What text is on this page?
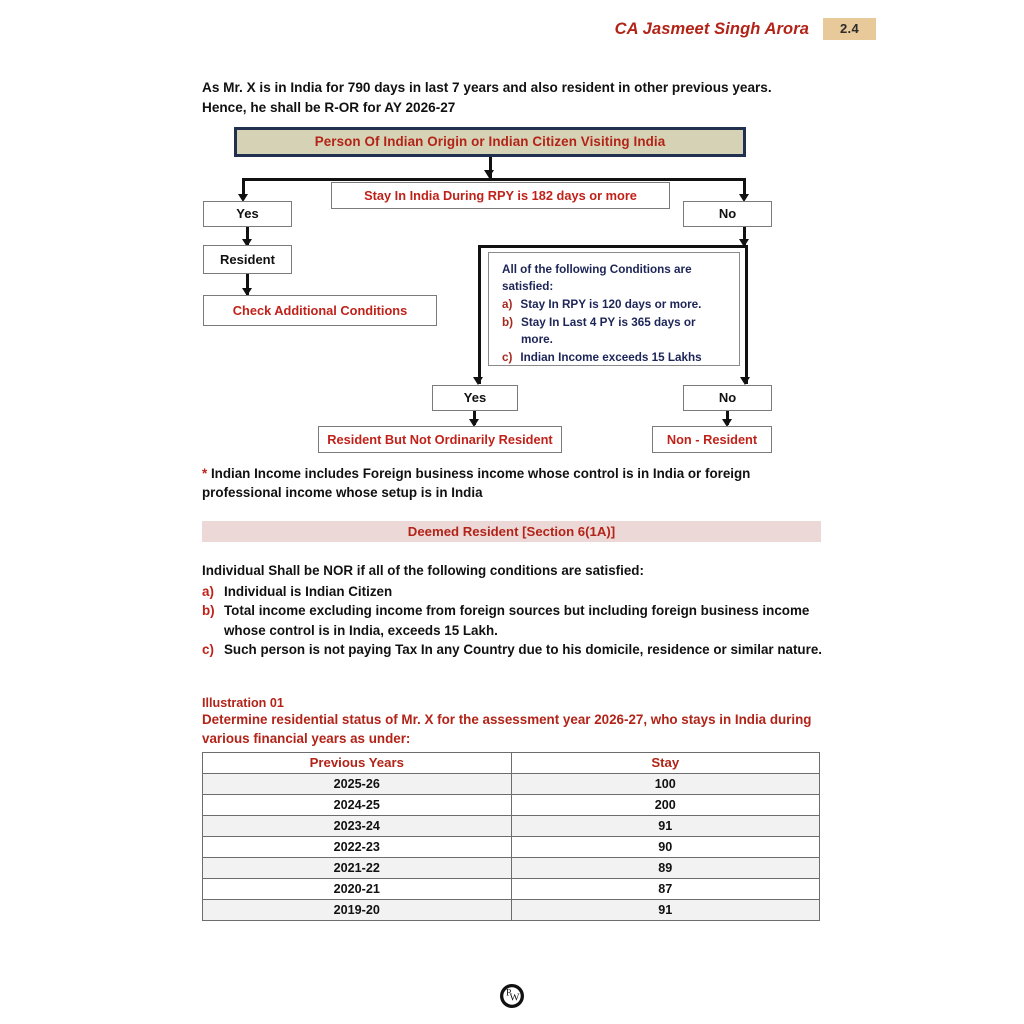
CA Jasmeet Singh Arora	2.4
As Mr. X is in India for 790 days in last 7 years and also resident in other previous years.
Hence, he shall be R-OR for AY 2026-27
Person Of Indian Origin or Indian Citizen Visiting India
Stay In India During RPY is 182 days or more
Yes	No
Resident
Check Additional Conditions
All of the following Conditions are satisfied:
a) Stay In RPY is 120 days or more.
b) Stay In Last 4 PY is 365 days or more.
c) Indian Income exceeds 15 Lakhs
Yes	No
Resident But Not Ordinarily Resident	Non - Resident
* Indian Income includes Foreign business income whose control is in India or foreign professional income whose setup is in India
Deemed Resident [Section 6(1A)]
Individual Shall be NOR if all of the following conditions are satisfied:
a) Individual is Indian Citizen
b) Total income excluding income from foreign sources but including foreign business income whose control is in India, exceeds 15 Lakh.
c) Such person is not paying Tax In any Country due to his domicile, residence or similar nature.
Illustration 01
Determine residential status of Mr. X for the assessment year 2026-27, who stays in India during various financial years as under:
Previous Years	Stay
2025-26	100
2024-25	200
2023-24	91
2022-23	90
2021-22	89
2020-21	87
2019-20	91
P
W
